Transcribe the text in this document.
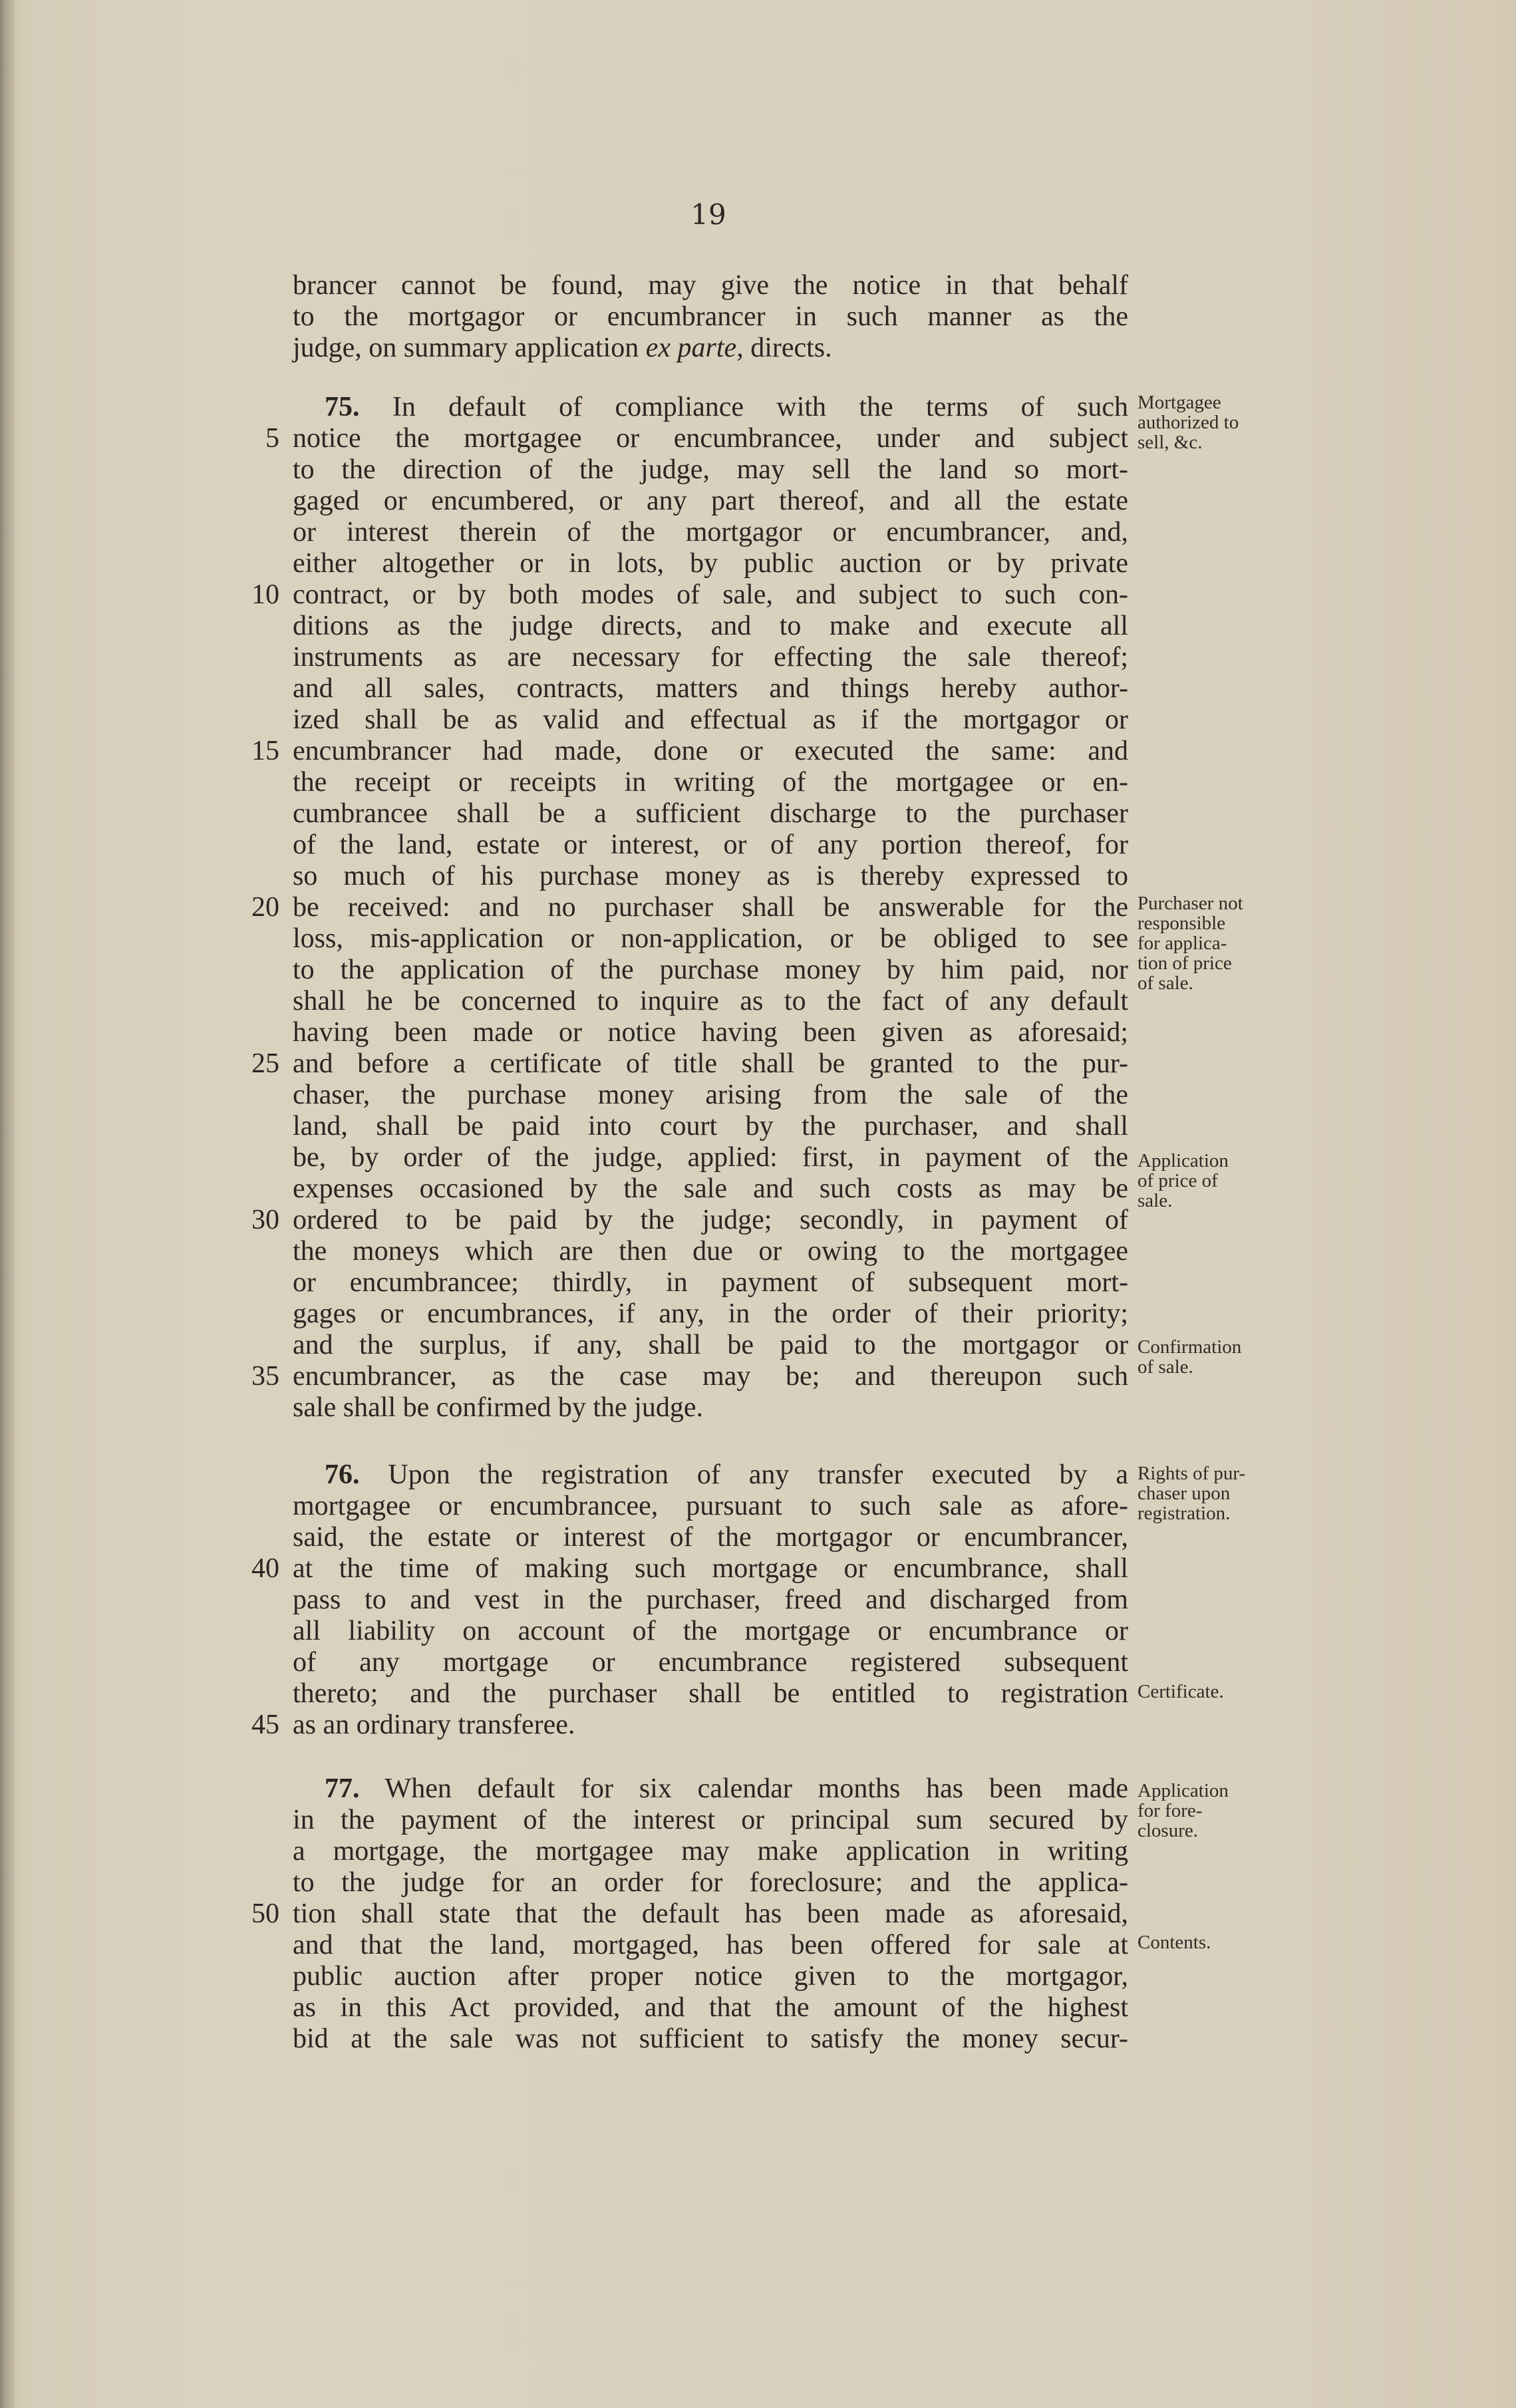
19
brancer cannot be found, may give the notice in that behalf
to the mortgagor or encumbrancer in such manner as the
judge, on summary application ex parte, directs.
75. In default of compliance with the terms of such
notice the mortgagee or encumbrancee, under and subject
to the direction of the judge, may sell the land so mort-
gaged or encumbered, or any part thereof, and all the estate
or interest therein of the mortgagor or encumbrancer, and,
either altogether or in lots, by public auction or by private
contract, or by both modes of sale, and subject to such con-
ditions as the judge directs, and to make and execute all
instruments as are necessary for effecting the sale thereof;
and all sales, contracts, matters and things hereby author-
ized shall be as valid and effectual as if the mortgagor or
encumbrancer had made, done or executed the same: and
the receipt or receipts in writing of the mortgagee or en-
cumbrancee shall be a sufficient discharge to the purchaser
of the land, estate or interest, or of any portion thereof, for
so much of his purchase money as is thereby expressed to
be received: and no purchaser shall be answerable for the
loss, mis-application or non-application, or be obliged to see
to the application of the purchase money by him paid, nor
shall he be concerned to inquire as to the fact of any default
having been made or notice having been given as aforesaid;
and before a certificate of title shall be granted to the pur-
chaser, the purchase money arising from the sale of the
land, shall be paid into court by the purchaser, and shall
be, by order of the judge, applied: first, in payment of the
expenses occasioned by the sale and such costs as may be
ordered to be paid by the judge; secondly, in payment of
the moneys which are then due or owing to the mortgagee
or encumbrancee; thirdly, in payment of subsequent mort-
gages or encumbrances, if any, in the order of their priority;
and the surplus, if any, shall be paid to the mortgagor or
encumbrancer, as the case may be; and thereupon such
sale shall be confirmed by the judge.
76. Upon the registration of any transfer executed by a
mortgagee or encumbrancee, pursuant to such sale as afore-
said, the estate or interest of the mortgagor or encumbrancer,
at the time of making such mortgage or encumbrance, shall
pass to and vest in the purchaser, freed and discharged from
all liability on account of the mortgage or encumbrance or
of any mortgage or encumbrance registered subsequent
thereto; and the purchaser shall be entitled to registration
as an ordinary transferee.
77. When default for six calendar months has been made
in the payment of the interest or principal sum secured by
a mortgage, the mortgagee may make application in writing
to the judge for an order for foreclosure; and the applica-
tion shall state that the default has been made as aforesaid,
and that the land, mortgaged, has been offered for sale at
public auction after proper notice given to the mortgagor,
as in this Act provided, and that the amount of the highest
bid at the sale was not sufficient to satisfy the money secur-
5
10
15
20
25
30
35
40
45
50
Mortgagee
authorized to
sell, &c.
Purchaser not
responsible
for applica-
tion of price
of sale.
Application
of price of
sale.
Confirmation
of sale.
Rights of pur-
chaser upon
registration.
Certificate.
Application
for fore-
closure.
Contents.
